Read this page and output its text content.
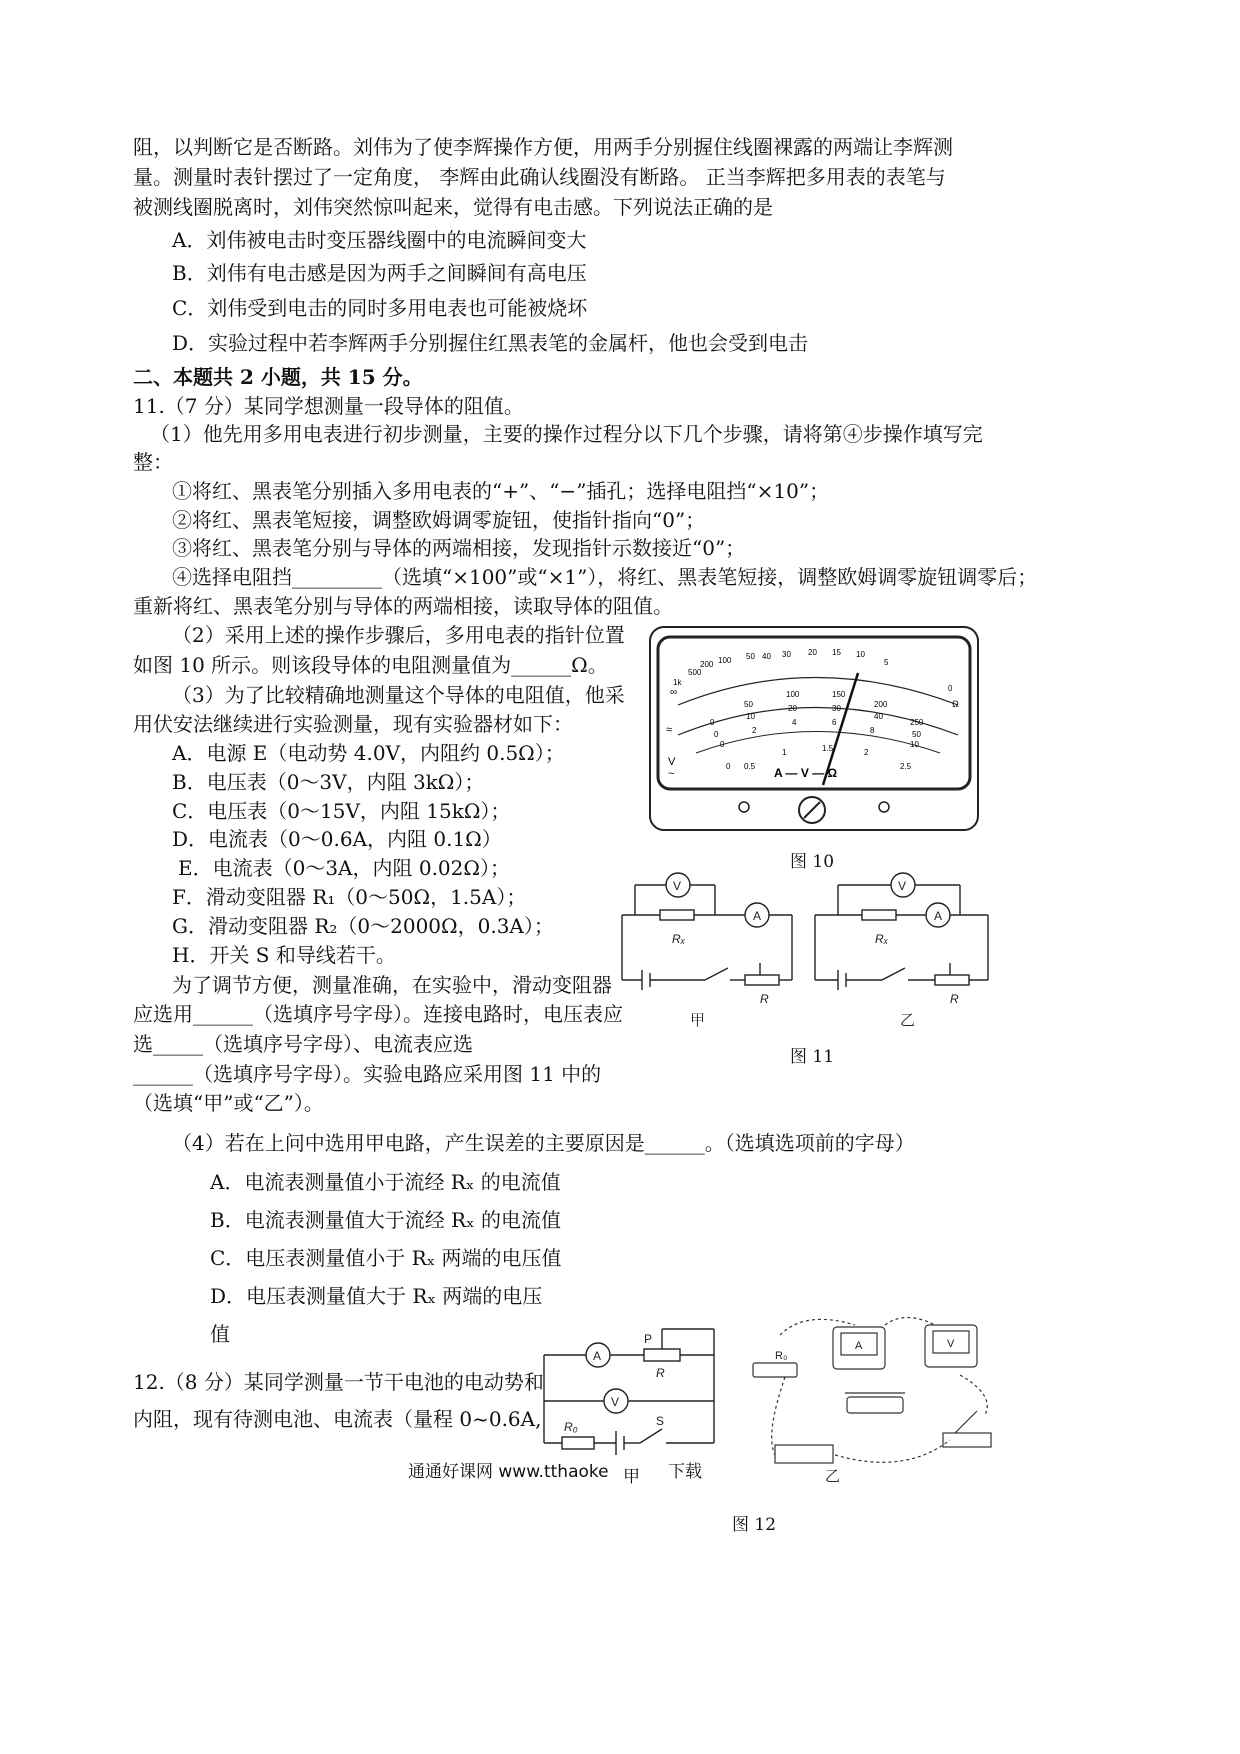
阻，以判断它是否断路。刘伟为了使李辉操作方便，用两手分别握住线圈裸露的两端让李辉测
量。测量时表针摆过了一定角度， 李辉由此确认线圈没有断路。 正当李辉把多用表的表笔与
被测线圈脱离时，刘伟突然惊叫起来，觉得有电击感。下列说法正确的是
A．刘伟被电击时变压器线圈中的电流瞬间变大
B．刘伟有电击感是因为两手之间瞬间有高电压
C．刘伟受到电击的同时多用电表也可能被烧坏
D．实验过程中若李辉两手分别握住红黑表笔的金属杆，他也会受到电击
二、本题共 2 小题，共 15 分。
11.（7 分）某同学想测量一段导体的阻值。
（1）他先用多用电表进行初步测量，主要的操作过程分以下几个步骤，请将第④步操作填写完
整：
①将红、黑表笔分别插入多用电表的“+”、“−”插孔；选择电阻挡“×10”；
②将红、黑表笔短接，调整欧姆调零旋钮，使指针指向“0”；
③将红、黑表笔分别与导体的两端相接，发现指针示数接近“0”；
④选择电阻挡_________（选填“×100”或“×1”），将红、黑表笔短接，调整欧姆调零旋钮调零后；
重新将红、黑表笔分别与导体的两端相接，读取导体的阻值。
（2）采用上述的操作步骤后，多用电表的指针位置
如图 10 所示。则该段导体的电阻测量值为______Ω。
（3）为了比较精确地测量这个导体的电阻值，他采
用伏安法继续进行实验测量，现有实验器材如下：
A．电源 E（电动势 4.0V，内阻约 0.5Ω）；
B．电压表（0～3V，内阻 3kΩ）；
C．电压表（0～15V，内阻 15kΩ）；
D．电流表（0～0.6A，内阻 0.1Ω）
E．电流表（0～3A，内阻 0.02Ω）；
F．滑动变阻器 R₁（0～50Ω，1.5A）；
G．滑动变阻器 R₂（0～2000Ω，0.3A）；
H．开关 S 和导线若干。
为了调节方便，测量准确，在实验中，滑动变阻器
应选用______（选填序号字母）。连接电路时，电压表应
选_____（选填序号字母）、电流表应选
______（选填序号字母）。实验电路应采用图 11 中的
（选填“甲”或“乙”）。
（4）若在上问中选用甲电路，产生误差的主要原因是______。（选填选项前的字母）
A．电流表测量值小于流经 Rₓ 的电流值
B．电流表测量值大于流经 Rₓ 的电流值
C．电压表测量值小于 Rₓ 两端的电压值
D．电压表测量值大于 Rₓ 两端的电压
值
12.（8 分）某同学测量一节干电池的电动势和
内阻，现有待测电池、电流表（量程 0~0.6A,
500
1k
200 100 50 40 30 20 15 10
5
0
∞
Ω
0
50
100	150
200
250
0
10
20	30
40
50
0
2
4	6
8
10
0 0.5
1	1.5	2
2.5
≈
V
~	A — V — Ω
图 10
V
A
Rₓ
R
V
A
Rₓ
R
甲	乙
图 11
A
V
P
R
R₀	S
R₀
A	V
乙
图 12
通通好课网 www.tthaoke 甲 下载
